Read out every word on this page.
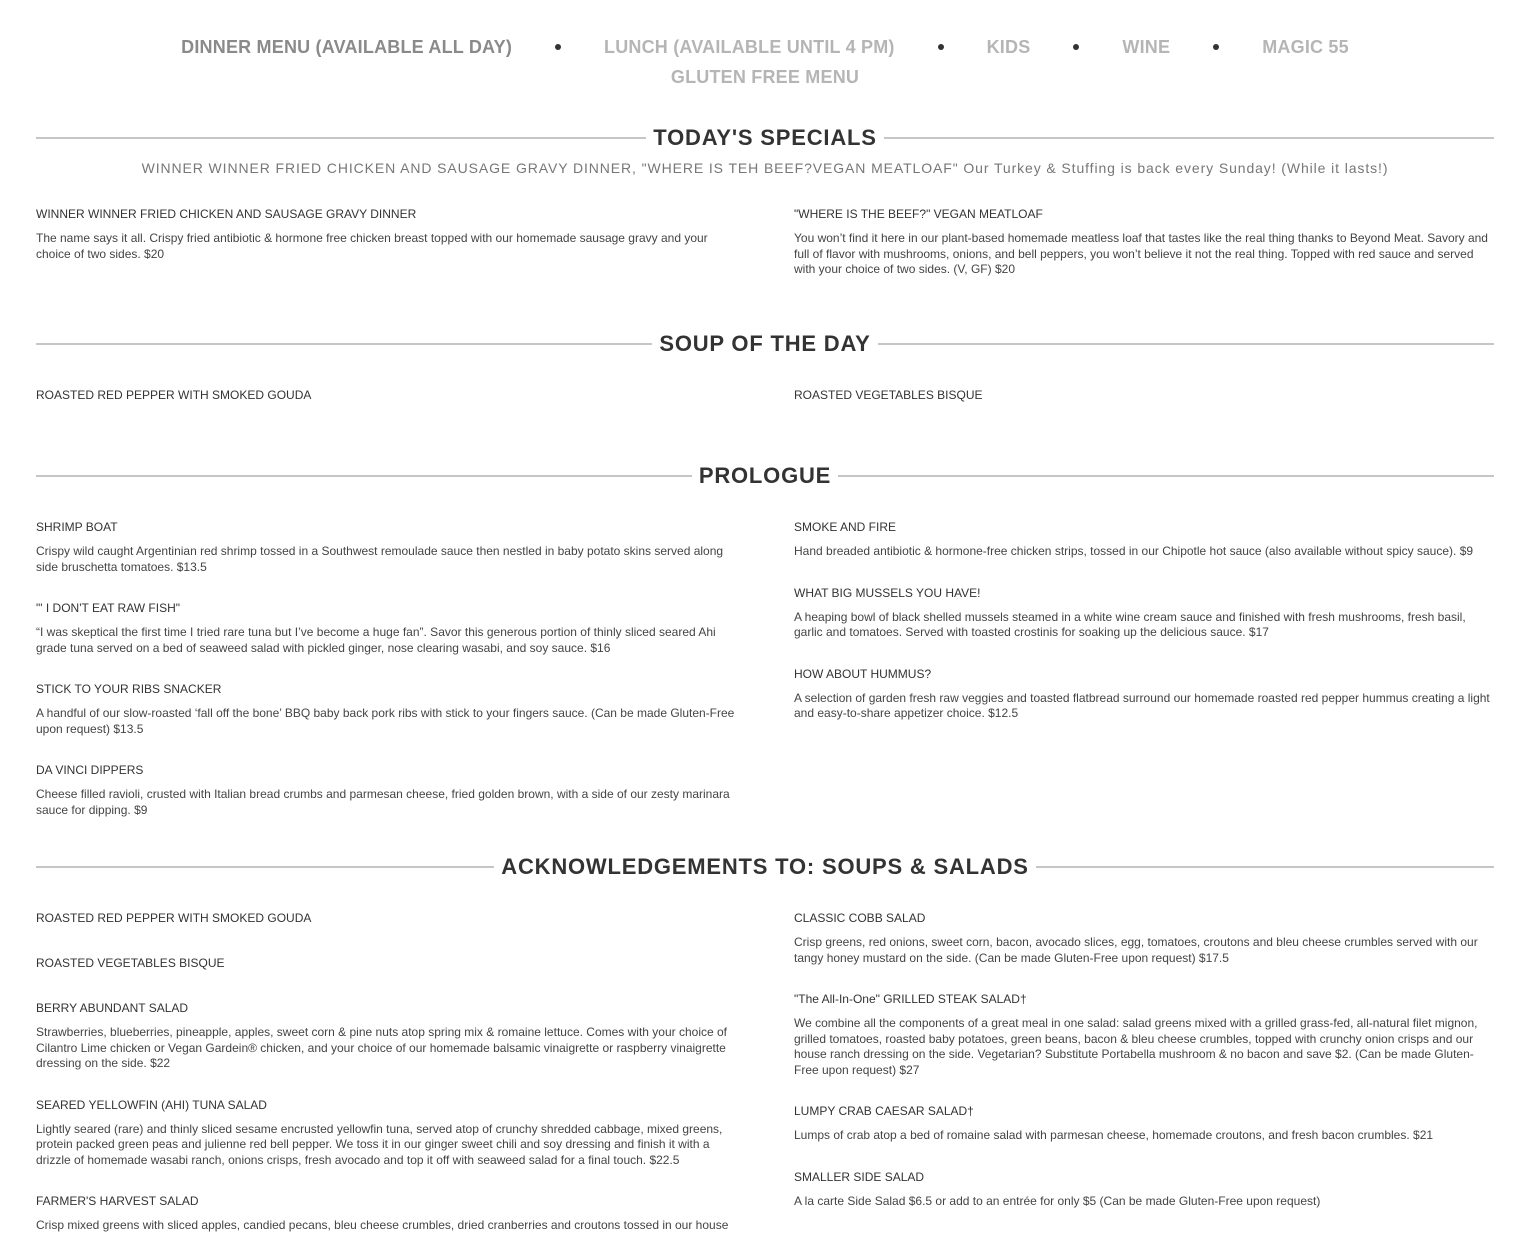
DINNER MENU (AVAILABLE ALL DAY)	LUNCH (AVAILABLE UNTIL 4 PM)	KIDS	WINE	MAGIC 55
GLUTEN FREE MENU
TODAY'S SPECIALS
WINNER WINNER FRIED CHICKEN AND SAUSAGE GRAVY DINNER, "WHERE IS TEH BEEF?VEGAN MEATLOAF" Our Turkey & Stuffing is back every Sunday! (While it lasts!)
WINNER WINNER FRIED CHICKEN AND SAUSAGE GRAVY DINNER
The name says it all. Crispy fried antibiotic & hormone free chicken breast topped with our homemade sausage gravy and your choice of two sides. $20
"WHERE IS THE BEEF?" VEGAN MEATLOAF
You won’t find it here in our plant-based homemade meatless loaf that tastes like the real thing thanks to Beyond Meat. Savory and full of flavor with mushrooms, onions, and bell peppers, you won’t believe it not the real thing. Topped with red sauce and served with your choice of two sides. (V, GF) $20
SOUP OF THE DAY
ROASTED RED PEPPER WITH SMOKED GOUDA	ROASTED VEGETABLES BISQUE
PROLOGUE
SHRIMP BOAT
Crispy wild caught Argentinian red shrimp tossed in a Southwest remoulade sauce then nestled in baby potato skins served along side bruschetta tomatoes. $13.5
"' I DON'T EAT RAW FISH"
“I was skeptical the first time I tried rare tuna but I’ve become a huge fan”. Savor this generous portion of thinly sliced seared Ahi grade tuna served on a bed of seaweed salad with pickled ginger, nose clearing wasabi, and soy sauce. $16
STICK TO YOUR RIBS SNACKER
A handful of our slow-roasted ‘fall off the bone’ BBQ baby back pork ribs with stick to your fingers sauce. (Can be made Gluten-Free upon request) $13.5
DA VINCI DIPPERS
Cheese filled ravioli, crusted with Italian bread crumbs and parmesan cheese, fried golden brown, with a side of our zesty marinara sauce for dipping. $9
SMOKE AND FIRE
Hand breaded antibiotic & hormone-free chicken strips, tossed in our Chipotle hot sauce (also available without spicy sauce). $9
WHAT BIG MUSSELS YOU HAVE!
A heaping bowl of black shelled mussels steamed in a white wine cream sauce and finished with fresh mushrooms, fresh basil, garlic and tomatoes. Served with toasted crostinis for soaking up the delicious sauce. $17
HOW ABOUT HUMMUS?
A selection of garden fresh raw veggies and toasted flatbread surround our homemade roasted red pepper hummus creating a light and easy-to-share appetizer choice. $12.5
ACKNOWLEDGEMENTS TO: SOUPS & SALADS
ROASTED RED PEPPER WITH SMOKED GOUDA
ROASTED VEGETABLES BISQUE
BERRY ABUNDANT SALAD
Strawberries, blueberries, pineapple, apples, sweet corn & pine nuts atop spring mix & romaine lettuce. Comes with your choice of Cilantro Lime chicken or Vegan Gardein® chicken, and your choice of our homemade balsamic vinaigrette or raspberry vinaigrette dressing on the side. $22
SEARED YELLOWFIN (AHI) TUNA SALAD
Lightly seared (rare) and thinly sliced sesame encrusted yellowfin tuna, served atop of crunchy shredded cabbage, mixed greens, protein packed green peas and julienne red bell pepper. We toss it in our ginger sweet chili and soy dressing and finish it with a drizzle of homemade wasabi ranch, onions crisps, fresh avocado and top it off with seaweed salad for a final touch. $22.5
FARMER'S HARVEST SALAD
Crisp mixed greens with sliced apples, candied pecans, bleu cheese crumbles, dried cranberries and croutons tossed in our house
CLASSIC COBB SALAD
Crisp greens, red onions, sweet corn, bacon, avocado slices, egg, tomatoes, croutons and bleu cheese crumbles served with our tangy honey mustard on the side. (Can be made Gluten-Free upon request) $17.5
"The All-In-One" GRILLED STEAK SALAD†
We combine all the components of a great meal in one salad: salad greens mixed with a grilled grass-fed, all-natural filet mignon, grilled tomatoes, roasted baby potatoes, green beans, bacon & bleu cheese crumbles, topped with crunchy onion crisps and our house ranch dressing on the side. Vegetarian? Substitute Portabella mushroom & no bacon and save $2. (Can be made Gluten-Free upon request) $27
LUMPY CRAB CAESAR SALAD†
Lumps of crab atop a bed of romaine salad with parmesan cheese, homemade croutons, and fresh bacon crumbles. $21
SMALLER SIDE SALAD
A la carte Side Salad $6.5 or add to an entrée for only $5 (Can be made Gluten-Free upon request)
